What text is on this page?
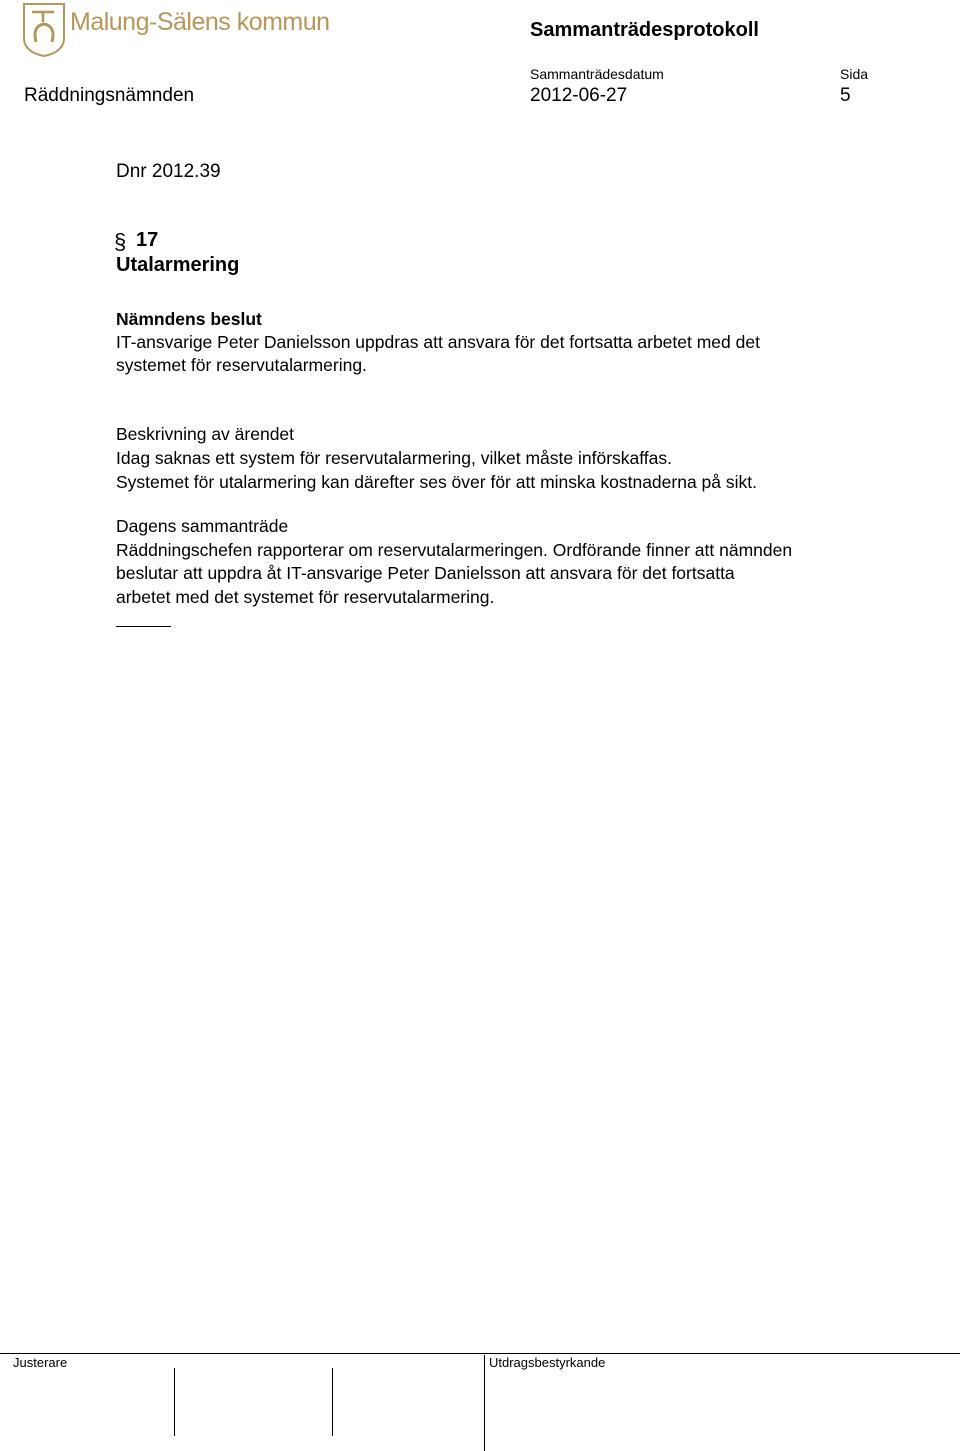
Malung-Sälens kommun	Sammanträdesprotokoll
Sammanträdesdatum	Sida
Räddningsnämnden	2012-06-27	5
Dnr 2012.39
§ 17
Utalarmering
Nämndens beslut
IT-ansvarige Peter Danielsson uppdras att ansvara för det fortsatta arbetet med det
systemet för reservutalarmering.
Beskrivning av ärendet
Idag saknas ett system för reservutalarmering, vilket måste införskaffas.
Systemet för utalarmering kan därefter ses över för att minska kostnaderna på sikt.
Dagens sammanträde
Räddningschefen rapporterar om reservutalarmeringen. Ordförande finner att nämnden
beslutar att uppdra åt IT-ansvarige Peter Danielsson att ansvara för det fortsatta
arbetet med det systemet för reservutalarmering.
Justerare	Utdragsbestyrkande
